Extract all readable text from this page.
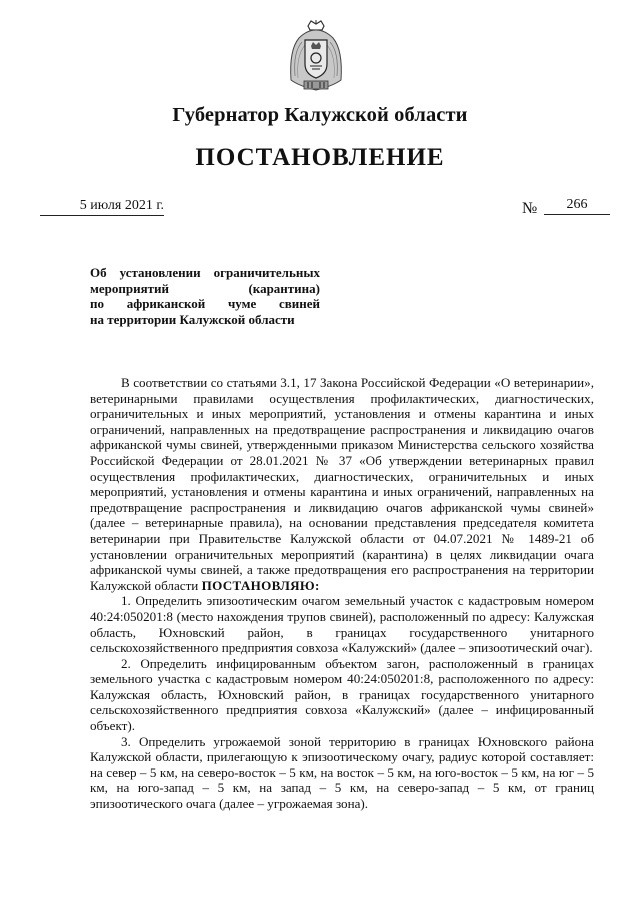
Губернатор Калужской области
ПОСТАНОВЛЕНИЕ
5 июля 2021 г.	№	266
Об установлении ограничительных
мероприятий (карантина)
по африканской чуме свиней
на территории Калужской области

В соответствии со статьями 3.1, 17 Закона Российской Федерации «О ветеринарии», ветеринарными правилами осуществления профилактических, диагностических, ограничительных и иных мероприятий, установления и отмены карантина и иных ограничений, направленных на предотвращение распространения и ликвидацию очагов африканской чумы свиней, утвержденными приказом Министерства сельского хозяйства Российской Федерации от 28.01.2021 № 37 «Об утверждении ветеринарных правил осуществления профилактических, диагностических, ограничительных и иных мероприятий, установления и отмены карантина и иных ограничений, направленных на предотвращение распространения и ликвидацию очагов африканской чумы свиней» (далее – ветеринарные правила), на основании представления председателя комитета ветеринарии при Правительстве Калужской области от 04.07.2021 № 1489-21 об установлении ограничительных мероприятий (карантина) в целях ликвидации очага африканской чумы свиней, а также предотвращения его распространения на территории Калужской области ПОСТАНОВЛЯЮ:

1. Определить эпизоотическим очагом земельный участок с кадастровым номером 40:24:050201:8 (место нахождения трупов свиней), расположенный по адресу: Калужская область, Юхновский район, в границах государственного унитарного сельскохозяйственного предприятия совхоза «Калужский» (далее – эпизоотический очаг).

2. Определить инфицированным объектом загон, расположенный в границах земельного участка с кадастровым номером 40:24:050201:8, расположенного по адресу: Калужская область, Юхновский район, в границах государственного унитарного сельскохозяйственного предприятия совхоза «Калужский» (далее – инфицированный объект).

3. Определить угрожаемой зоной территорию в границах Юхновского района Калужской области, прилегающую к эпизоотическому очагу, радиус которой составляет: на север – 5 км, на северо-восток – 5 км, на восток – 5 км, на юго-восток – 5 км, на юг – 5 км, на юго-запад – 5 км, на запад – 5 км, на северо-запад – 5 км, от границ эпизоотического очага (далее – угрожаемая зона).
